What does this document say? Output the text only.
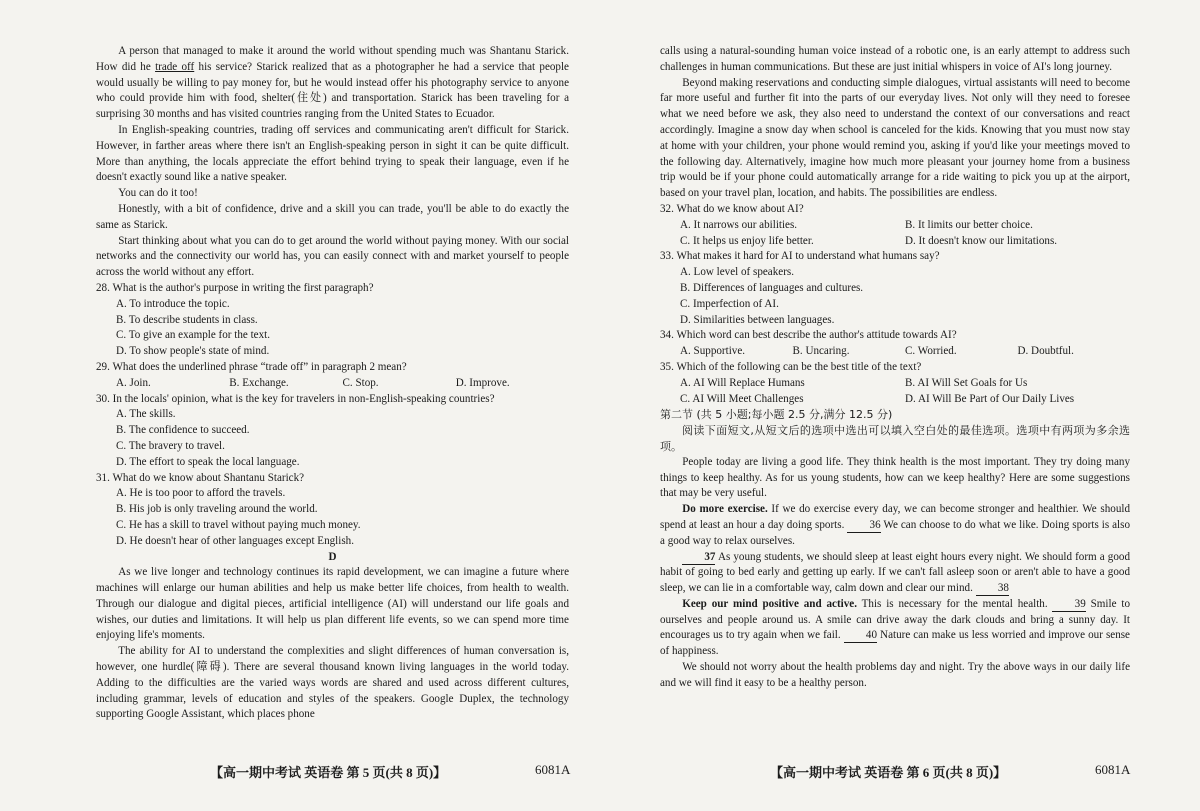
A person that managed to make it around the world without spending much was Shantanu Starick. How did he trade off his service? Starick realized that as a photographer he had a service that people would usually be willing to pay money for, but he would instead offer his photography service to anyone who could provide him with food, shelter(住处) and transportation. Starick has been traveling for a surprising 30 months and has visited countries ranging from the United States to Ecuador.

In English-speaking countries, trading off services and communicating aren't difficult for Starick. However, in farther areas where there isn't an English-speaking person in sight it can be quite difficult. More than anything, the locals appreciate the effort behind trying to speak their language, even if he doesn't exactly sound like a native speaker.

You can do it too!

Honestly, with a bit of confidence, drive and a skill you can trade, you'll be able to do exactly the same as Starick.

Start thinking about what you can do to get around the world without paying money. With our social networks and the connectivity our world has, you can easily connect with and market yourself to people across the world without any effort.

28. What is the author's purpose in writing the first paragraph?

A. To introduce the topic.
B. To describe students in class.
C. To give an example for the text.
D. To show people's state of mind.

29. What does the underlined phrase “trade off” in paragraph 2 mean?

A. Join.	B. Exchange.	C. Stop.	D. Improve.

30. In the locals' opinion, what is the key for travelers in non-English-speaking countries?

A. The skills.
B. The confidence to succeed.
C. The bravery to travel.
D. The effort to speak the local language.

31. What do we know about Shantanu Starick?

A. He is too poor to afford the travels.
B. His job is only traveling around the world.
C. He has a skill to travel without paying much money.
D. He doesn't hear of other languages except English.

D

As we live longer and technology continues its rapid development, we can imagine a future where machines will enlarge our human abilities and help us make better life choices, from health to wealth. Through our dialogue and digital pieces, artificial intelligence (AI) will understand our life goals and wishes, our duties and limitations. It will help us plan different life events, so we can spend more time enjoying life's moments.

The ability for AI to understand the complexities and slight differences of human conversation is, however, one hurdle(障碍). There are several thousand known living languages in the world today. Adding to the difficulties are the varied ways words are shared and used across different cultures, including grammar, levels of education and styles of the speakers. Google Duplex, the technology supporting Google Assistant, which places phone

【高一期中考试 英语卷 第 5 页(共 8 页)】	6081A

calls using a natural-sounding human voice instead of a robotic one, is an early attempt to address such challenges in human communications. But these are just initial whispers in voice of AI's long journey.

Beyond making reservations and conducting simple dialogues, virtual assistants will need to become far more useful and further fit into the parts of our everyday lives. Not only will they need to foresee what we need before we ask, they also need to understand the context of our conversations and react accordingly. Imagine a snow day when school is canceled for the kids. Knowing that you must now stay at home with your children, your phone would remind you, asking if you'd like your meetings moved to the following day. Alternatively, imagine how much more pleasant your journey home from a business trip would be if your phone could automatically arrange for a ride waiting to pick you up at the airport, based on your travel plan, location, and habits. The possibilities are endless.

32. What do we know about AI?

A. It narrows our abilities.	B. It limits our better choice.
C. It helps us enjoy life better.	D. It doesn't know our limitations.

33. What makes it hard for AI to understand what humans say?

A. Low level of speakers.
B. Differences of languages and cultures.
C. Imperfection of AI.
D. Similarities between languages.

34. Which word can best describe the author's attitude towards AI?

A. Supportive.	B. Uncaring.	C. Worried.	D. Doubtful.

35. Which of the following can be the best title of the text?

A. AI Will Replace Humans	B. AI Will Set Goals for Us
C. AI Will Meet Challenges	D. AI Will Be Part of Our Daily Lives

第二节 (共 5 小题;每小题 2.5 分,满分 12.5 分)

阅读下面短文,从短文后的选项中选出可以填入空白处的最佳选项。选项中有两项为多余选项。

People today are living a good life. They think health is the most important. They try doing many things to keep healthy. As for us young students, how can we keep healthy? Here are some suggestions that may be very useful.

Do more exercise. If we do exercise every day, we can become stronger and healthier. We should spend at least an hour a day doing sports. 36 We can choose to do what we like. Doing sports is also a good way to relax ourselves.

37 As young students, we should sleep at least eight hours every night. We should form a good habit of going to bed early and getting up early. If we can't fall asleep soon or aren't able to have a good sleep, we can lie in a comfortable way, calm down and clear our mind. 38

Keep our mind positive and active. This is necessary for the mental health. 39 Smile to ourselves and people around us. A smile can drive away the dark clouds and bring a sunny day. It encourages us to try again when we fail. 40 Nature can make us less worried and improve our sense of happiness.

We should not worry about the health problems day and night. Try the above ways in our daily life and we will find it easy to be a healthy person.

【高一期中考试 英语卷 第 6 页(共 8 页)】	6081A
